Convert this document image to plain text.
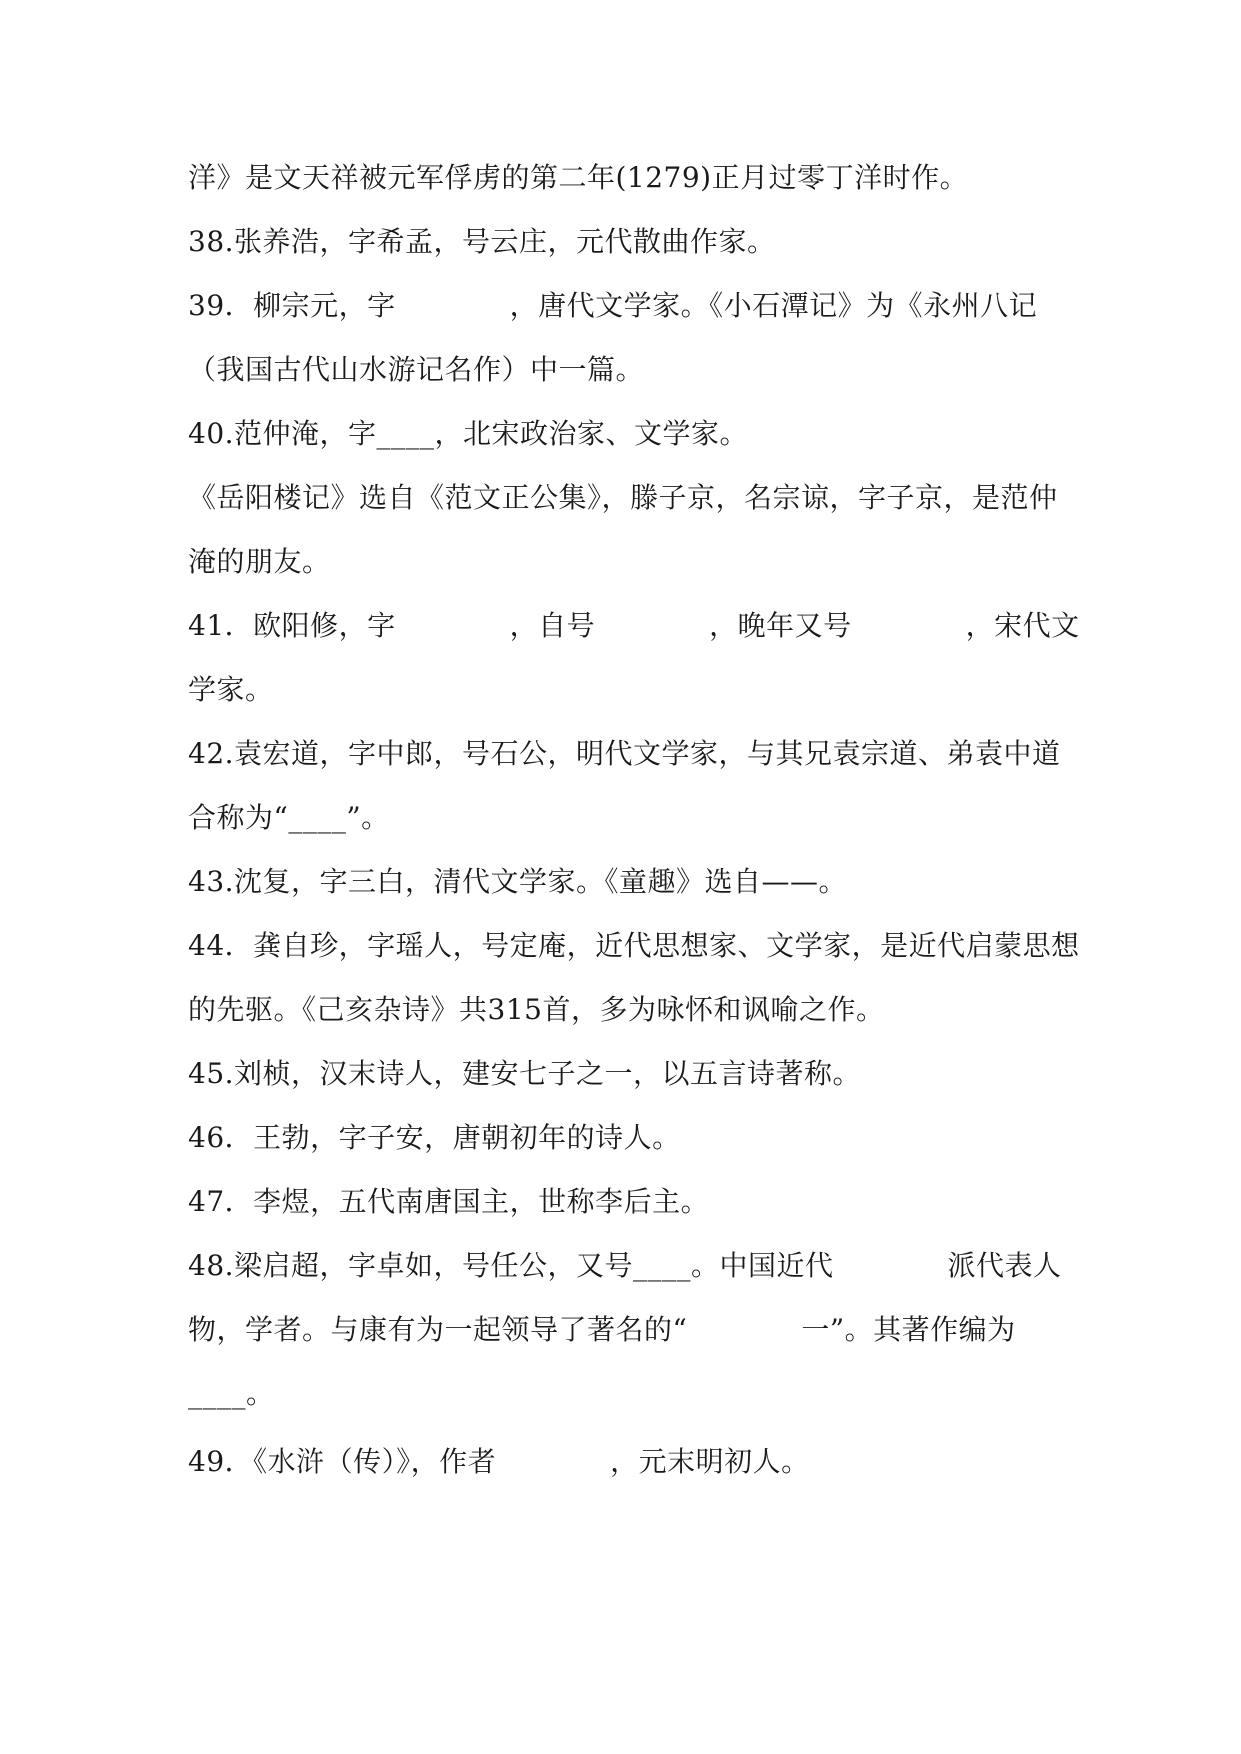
洋》是文天祥被元军俘虏的第二年(1279)正月过零丁洋时作。
38.张养浩，字希孟，号云庄，元代散曲作家。
39．柳宗元，字　　　　，唐代文学家。《小石潭记》为《永州八记
（我国古代山水游记名作）中一篇。
40.范仲淹，字____，北宋政治家、文学家。
《岳阳楼记》选自《范文正公集》，滕子京，名宗谅，字子京，是范仲
淹的朋友。
41．欧阳修，字　　　　，自号　　　　，晚年又号　　　　，宋代文
学家。
42.袁宏道，字中郎，号石公，明代文学家，与其兄袁宗道、弟袁中道
合称为“____”。
43.沈复，字三白，清代文学家。《童趣》选自——。
44．龚自珍，字瑶人，号定庵，近代思想家、文学家，是近代启蒙思想
的先驱。《己亥杂诗》共315首，多为咏怀和讽喻之作。
45.刘桢，汉末诗人，建安七子之一，以五言诗著称。
46．王勃，字子安，唐朝初年的诗人。
47．李煜，五代南唐国主，世称李后主。
48.梁启超，字卓如，号任公，又号____。中国近代　　　　派代表人
物，学者。与康有为一起领导了著名的“　　　　一”。其著作编为
____。
49．《水浒（传）》，作者　　　　，元末明初人。
